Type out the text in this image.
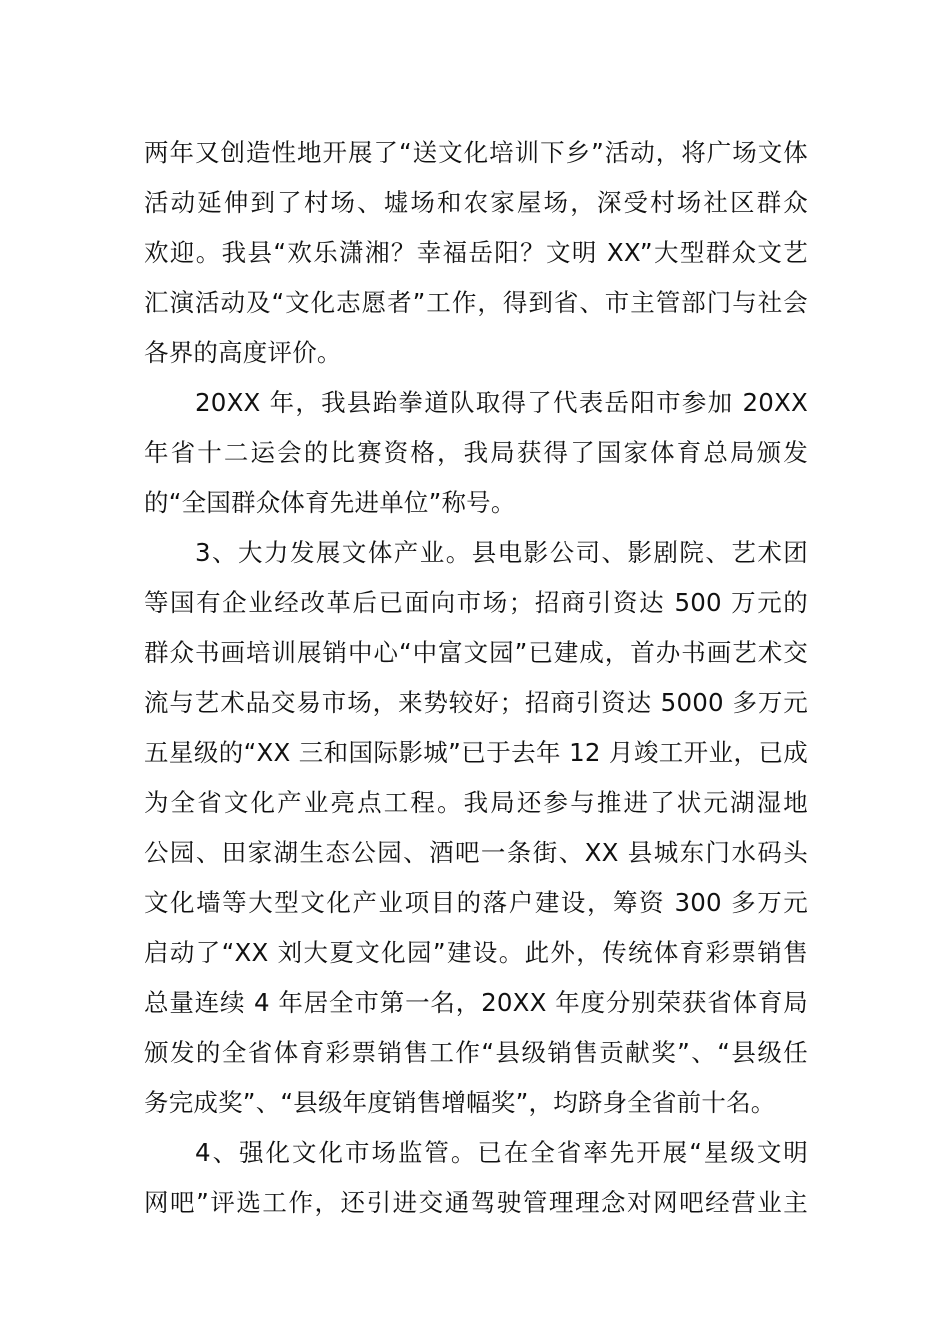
两年又创造性地开展了“送文化培训下乡”活动，将广场文体
活动延伸到了村场、墟场和农家屋场，深受村场社区群众
欢迎。我县“欢乐潇湘？幸福岳阳？文明 XX”大型群众文艺
汇演活动及“文化志愿者”工作，得到省、市主管部门与社会
各界的高度评价。
20XX 年，我县跆拳道队取得了代表岳阳市参加 20XX
年省十二运会的比赛资格，我局获得了国家体育总局颁发
的“全国群众体育先进单位”称号。
3、大力发展文体产业。县电影公司、影剧院、艺术团
等国有企业经改革后已面向市场；招商引资达 500 万元的
群众书画培训展销中心“中富文园”已建成，首办书画艺术交
流与艺术品交易市场，来势较好；招商引资达 5000 多万元
五星级的“XX 三和国际影城”已于去年 12 月竣工开业，已成
为全省文化产业亮点工程。我局还参与推进了状元湖湿地
公园、田家湖生态公园、酒吧一条街、XX 县城东门水码头
文化墙等大型文化产业项目的落户建设，筹资 300 多万元
启动了“XX 刘大夏文化园”建设。此外，传统体育彩票销售
总量连续 4 年居全市第一名，20XX 年度分别荣获省体育局
颁发的全省体育彩票销售工作“县级销售贡献奖”、“县级任
务完成奖”、“县级年度销售增幅奖”，均跻身全省前十名。
4、强化文化市场监管。已在全省率先开展“星级文明
网吧”评选工作，还引进交通驾驶管理理念对网吧经营业主
